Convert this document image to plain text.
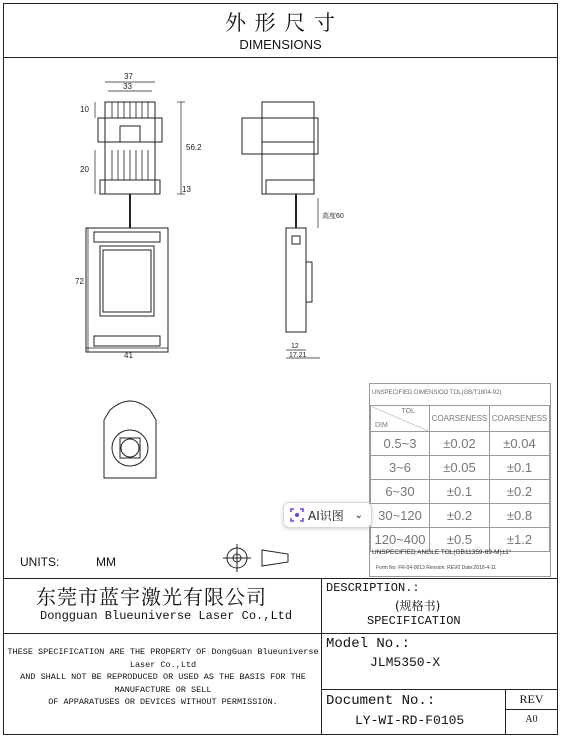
外 形 尺 寸
DIMENSIONS
37
33
10
20
56.2
13
72
41
高度60
12
17.21
UNSPECIFIED DIMENSIOO TOL(GB/T1804-92)
TOL
DIM	COARSENESS	COARSENESS
0.5~3	±0.02	±0.04
3~6	±0.05	±0.1
6~30	±0.1	±0.2
30~120	±0.2	±0.8
120~400	±0.5	±1.2
UNSPECIFIED ANGLE TOL(GB11359-89-M)±1°
Form No: FR-04-0013 Revsion: REV0 Date:2018-4-11
AI识图 ⌄
UNITS:	MM
东莞市蓝宇激光有限公司
Dongguan Blueuniverse Laser Co.,Ltd
DESCRIPTION.:
(规格书)
SPECIFICATION
THESE SPECIFICATION ARE THE PROPERTY OF DongGuan Blueuniverse
Laser Co.,Ltd
AND SHALL NOT BE REPRODUCED OR USED AS THE BASIS FOR THE
MANUFACTURE OR SELL
OF APPARATUSES OR DEVICES WITHOUT PERMISSION.
Model No.:
JLM5350-X
Document No.:
LY-WI-RD-F0105
REV
A0
